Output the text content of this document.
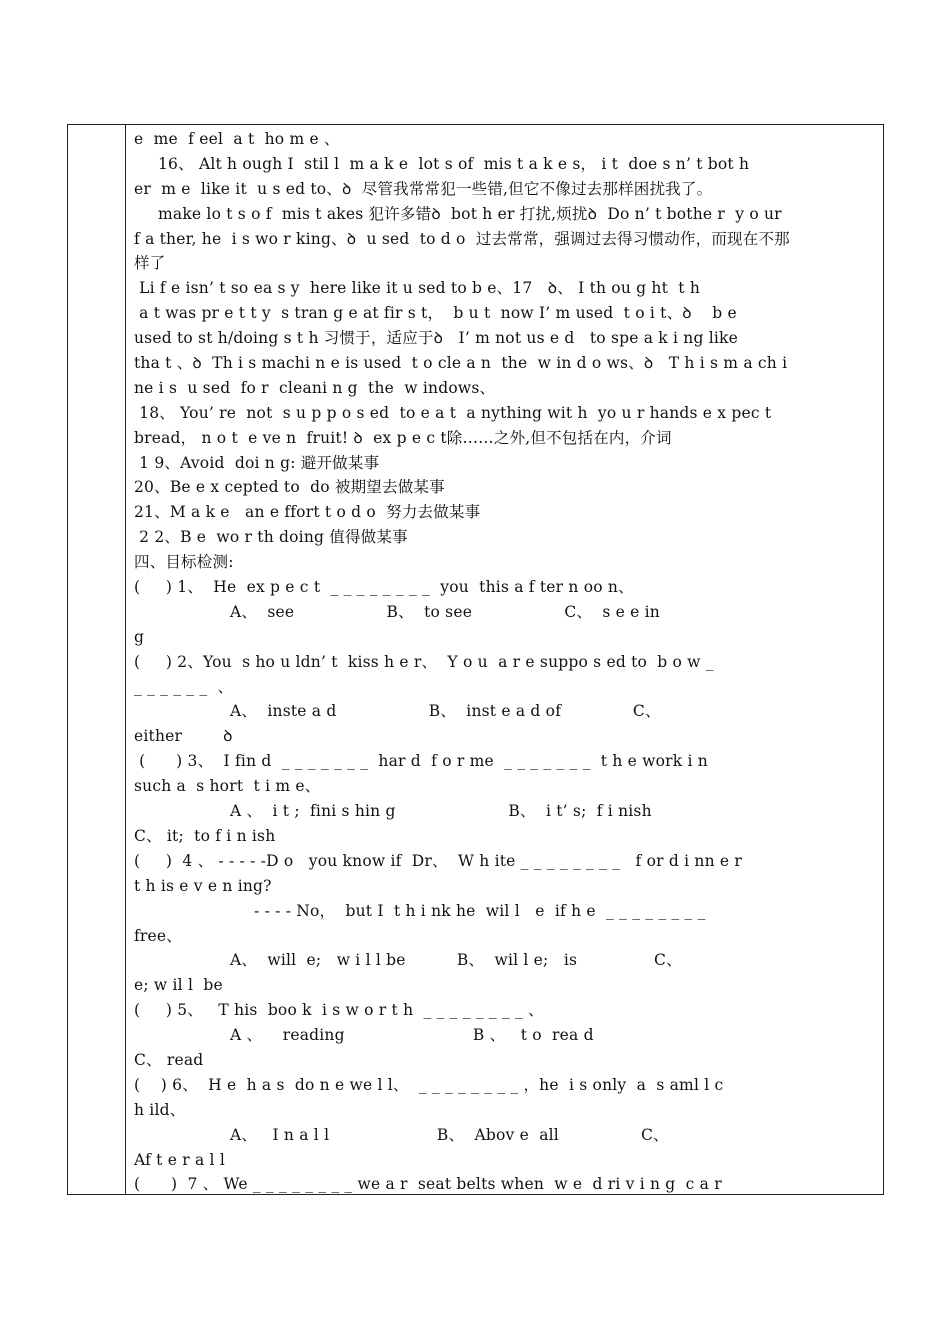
e  me  f eel  a t  ho m e 、
16、 Alt h ough I  stil l  m a k e  lot s of  mis t a k e s， i t  doe s n’ t bot h
er  m e  like it  u s ed to、ꝺ  尽管我常常犯一些错,但它不像过去那样困扰我了。
make lo t s o f  mis t akes 犯许多错ꝺ  bot h er 打扰,烦扰ꝺ  Do n’ t bothe r  y o ur
f a ther, he  i s wo r king、ꝺ  u sed  to d o  过去常常，强调过去得习惯动作，而现在不那
样了
Li f e isn’ t so ea s y  here like it u sed to b e、17   ꝺ、 I th ou g ht  t h
a t was pr e t t y  s tran g e at fir s t，  b u t  now I’ m used  t o i t、ꝺ    b e
used to st h/doing s t h 习惯于，适应于ꝺ   I’ m not us e d   to spe a k i ng like
tha t 、ꝺ  Th i s machi n e is used  t o cle a n  the  w in d o ws、ꝺ   T h i s m a ch i
ne i s  u sed  fo r  cleani n g  the  w indows、
18、 You’ re  not  s u p p o s ed  to e a t  a nything wit h  yo u r hands e x pec t
bread， n o t  e ve n  fruit! ꝺ  ex p e c t除……之外,但不包括在内，介词
1 9、Avoid  doi n g: 避开做某事
20、Be e x cepted to  do 被期望去做某事
21、M a k e   an e ffort t o d o  努力去做某事
2 2、B e  wo r th doing 值得做某事
四、目标检测:
(     ) 1、  He  ex p e c t  _ _ _ _ _ _ _ _  you  this a f ter n oo n、
A、  see                  B、  to see                  C、  s e e in
g
(     ) 2、You  s ho u ldn’ t  kiss h e r、  Y o u  a r e suppo s ed to  b o w _
_ _ _ _ _ _  、
A、  inste a d                  B、  inst e a d of              C、
either        ꝺ
(      ) 3、  I fin d  _ _ _ _ _ _ _  har d  f o r me  _ _ _ _ _ _ _  t h e work i n
such a  s hort  t i m e、
A 、  i t ;  fini s hin g                      B、  i t’ s;  f i nish
C、 it;  to f i n ish
(     )  4 、 - - - - -D o   you know if  Dr、  W h ite _ _ _ _ _ _ _ _   f or d i nn e r
t h is e v e n ing?
- - - - No，  but I  t h i nk he  wil l   e  if h e  _ _ _ _ _ _ _ _
free、
A、  will  e;   w i l l be          B、  wil l e;   is               C、
e; w il l  be
(     ) 5、   T his  boo k  i s w o r t h  _ _ _ _ _ _ _ _ 、
A 、    reading                         B 、   t o  rea d
C、 read
(    ) 6、  H e  h a s  do n e we l l、  _ _ _ _ _ _ _ _ ，he  i s only  a  s aml l c
h ild、
A、   I n a l l                     B、  Abov e  all                C、
Af t e r a l l
(      )  7 、 We _ _ _ _ _ _ _ _ we a r  seat belts when  w e  d ri v i n g  c a r
